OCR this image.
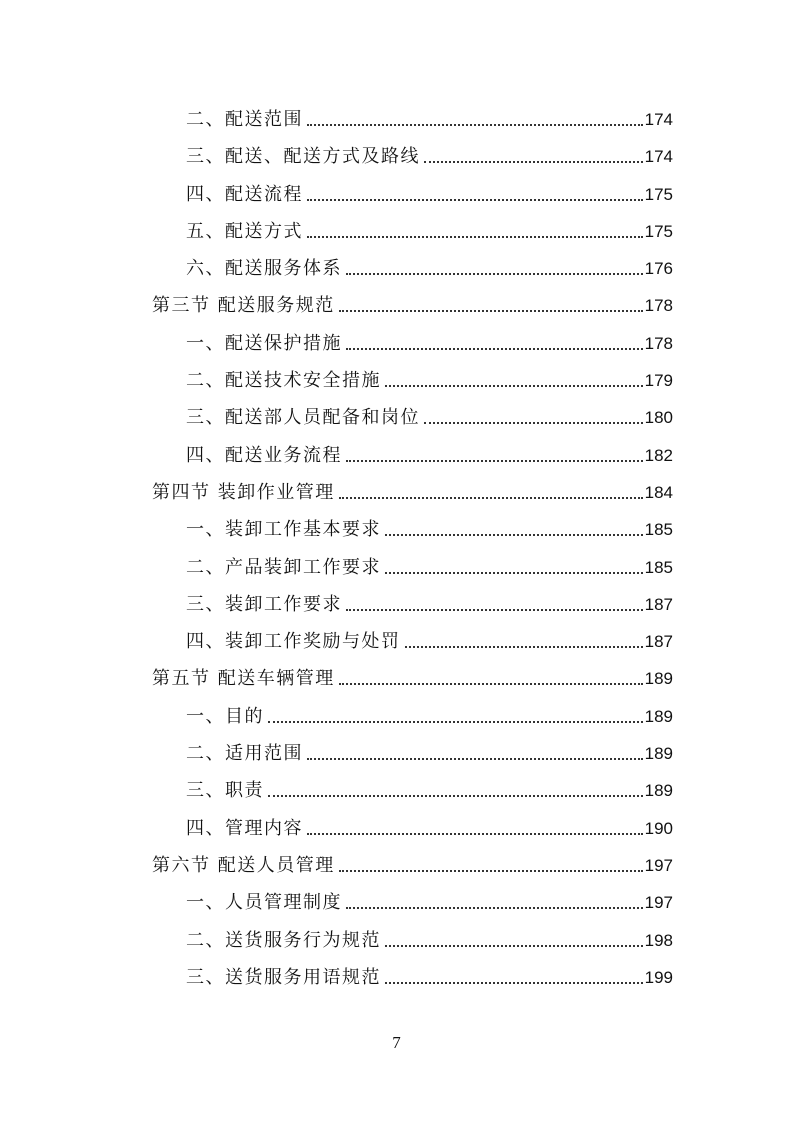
二、配送范围	174
三、配送、配送方式及路线	174
四、配送流程	175
五、配送方式	175
六、配送服务体系	176
第三节 配送服务规范	178
一、配送保护措施	178
二、配送技术安全措施	179
三、配送部人员配备和岗位	180
四、配送业务流程	182
第四节 装卸作业管理	184
一、装卸工作基本要求	185
二、产品装卸工作要求	185
三、装卸工作要求	187
四、装卸工作奖励与处罚	187
第五节 配送车辆管理	189
一、目的	189
二、适用范围	189
三、职责	189
四、管理内容	190
第六节 配送人员管理	197
一、人员管理制度	197
二、送货服务行为规范	198
三、送货服务用语规范	199
7
